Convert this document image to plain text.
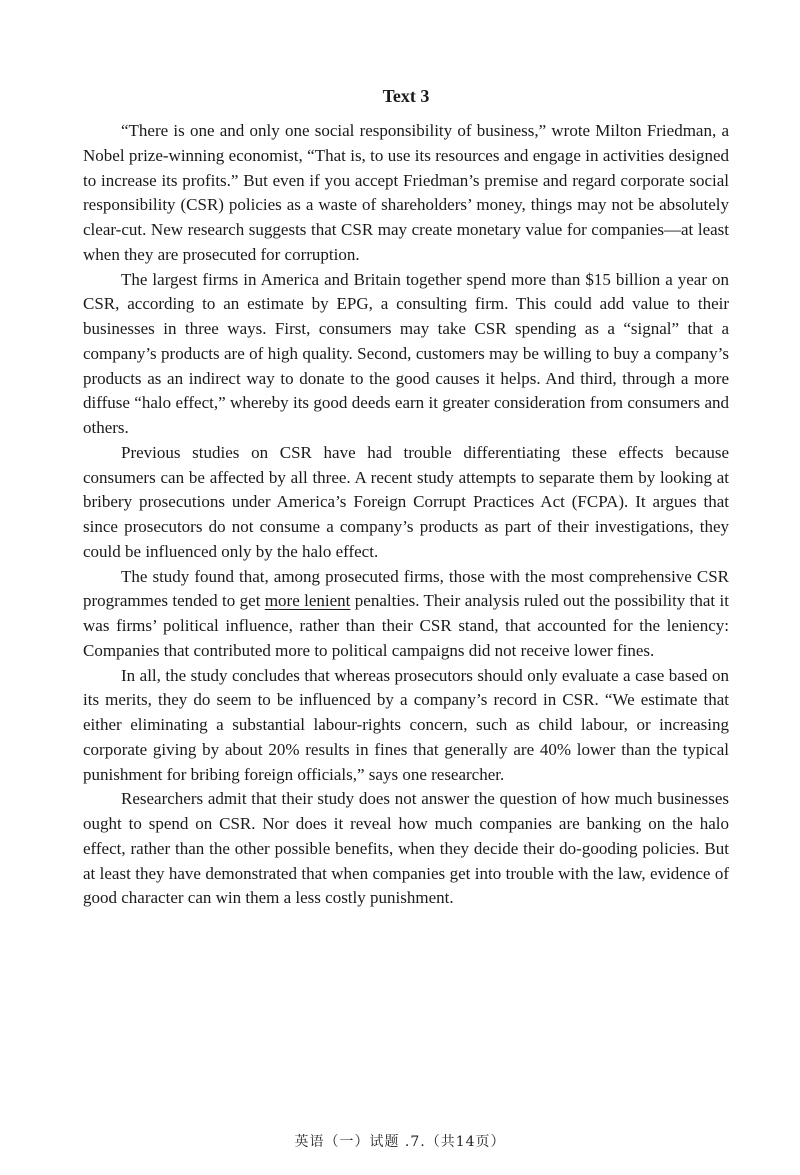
Text 3

“There is one and only one social responsibility of business,” wrote Milton Friedman, a Nobel prize-winning economist, “That is, to use its resources and engage in activities designed to increase its profits.” But even if you accept Friedman’s premise and regard corporate social responsibility (CSR) policies as a waste of shareholders’ money, things may not be absolutely clear-cut. New research suggests that CSR may create monetary value for companies—at least when they are prosecuted for corruption.

The largest firms in America and Britain together spend more than $15 billion a year on CSR, according to an estimate by EPG, a consulting firm. This could add value to their businesses in three ways. First, consumers may take CSR spending as a “signal” that a company’s products are of high quality. Second, customers may be willing to buy a company’s products as an indirect way to donate to the good causes it helps. And third, through a more diffuse “halo effect,” whereby its good deeds earn it greater consideration from consumers and others.

Previous studies on CSR have had trouble differentiating these effects because consumers can be affected by all three. A recent study attempts to separate them by looking at bribery prosecutions under America’s Foreign Corrupt Practices Act (FCPA). It argues that since prosecutors do not consume a company’s products as part of their investigations, they could be influenced only by the halo effect.

The study found that, among prosecuted firms, those with the most comprehensive CSR programmes tended to get more lenient penalties. Their analysis ruled out the possibility that it was firms’ political influence, rather than their CSR stand, that accounted for the leniency: Companies that contributed more to political campaigns did not receive lower fines.

In all, the study concludes that whereas prosecutors should only evaluate a case based on its merits, they do seem to be influenced by a company’s record in CSR. “We estimate that either eliminating a substantial labour-rights concern, such as child labour, or increasing corporate giving by about 20% results in fines that generally are 40% lower than the typical punishment for bribing foreign officials,” says one researcher.

Researchers admit that their study does not answer the question of how much businesses ought to spend on CSR. Nor does it reveal how much companies are banking on the halo effect, rather than the other possible benefits, when they decide their do-gooding policies. But at least they have demonstrated that when companies get into trouble with the law, evidence of good character can win them a less costly punishment.

英语（一）试题 .7.（共14页）
